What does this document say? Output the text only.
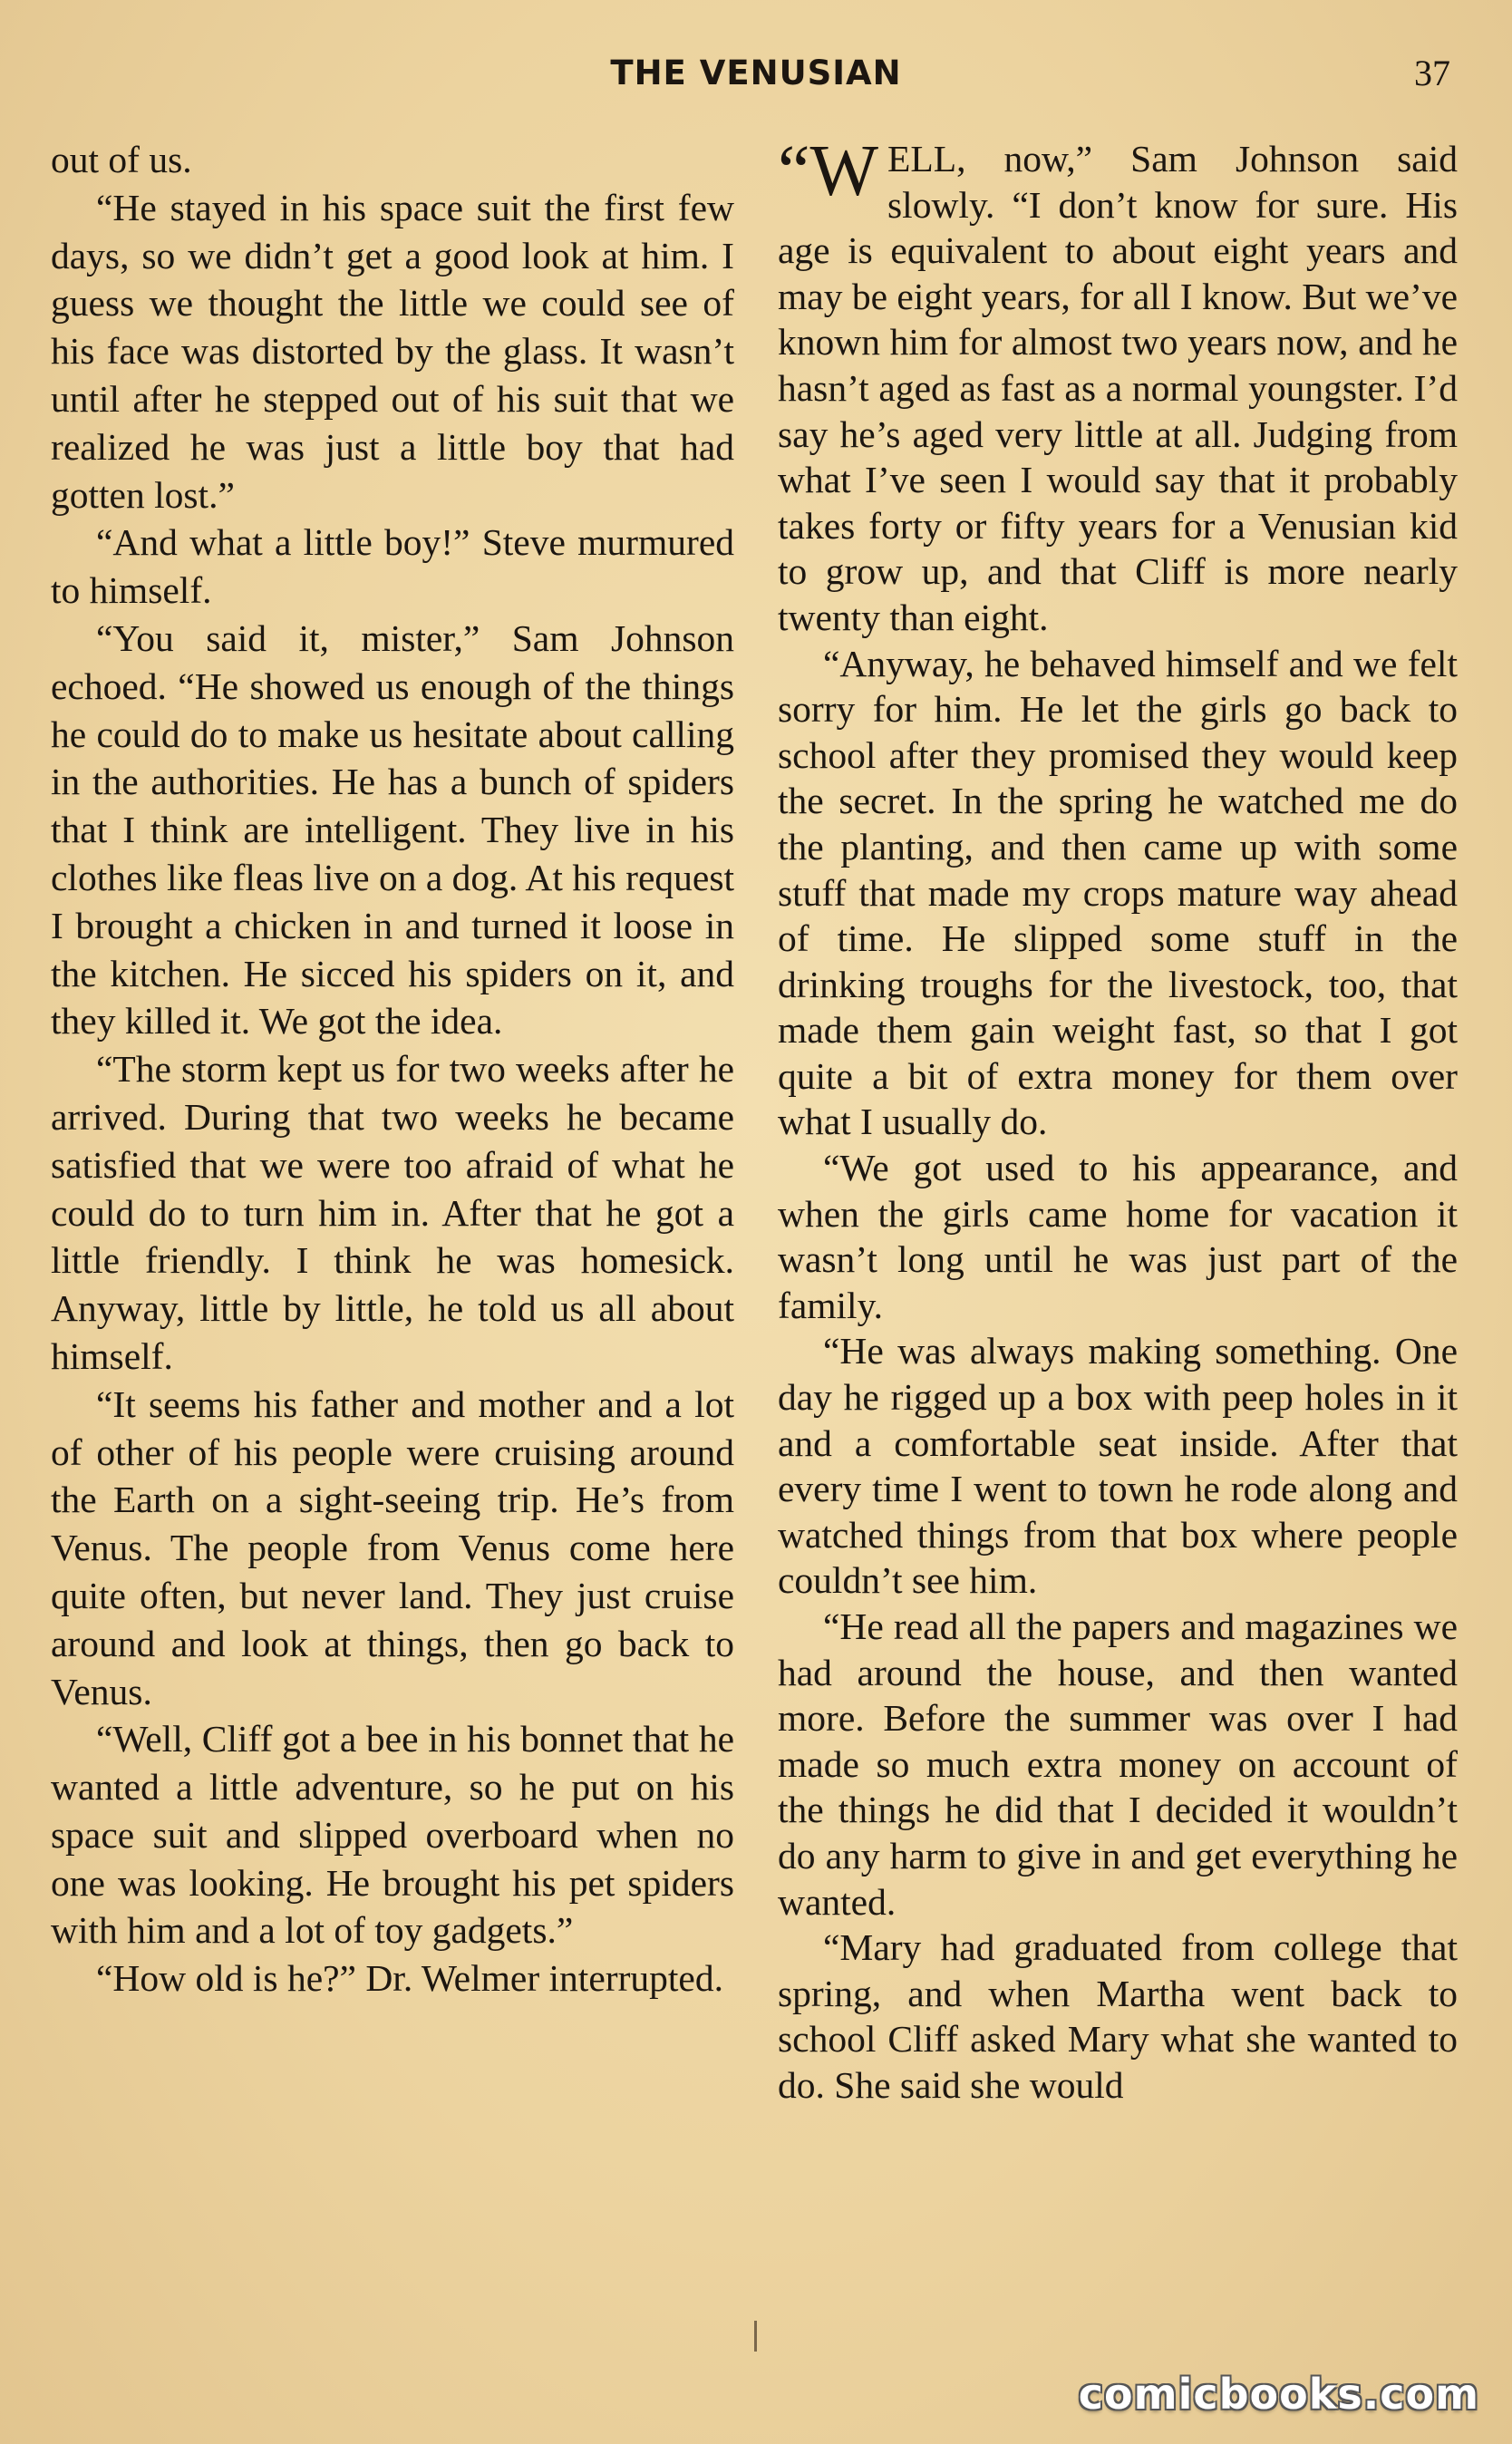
THE VENUSIAN	37

out of us.

“He stayed in his space suit the first few days, so we didn’t get a good look at him. I guess we thought the little we could see of his face was distorted by the glass. It wasn’t until after he stepped out of his suit that we realized he was just a little boy that had gotten lost.”

“And what a little boy!” Steve murmured to himself.

“You said it, mister,” Sam Johnson echoed. “He showed us enough of the things he could do to make us hesitate about calling in the authorities. He has a bunch of spiders that I think are intelligent. They live in his clothes like fleas live on a dog. At his request I brought a chicken in and turned it loose in the kitchen. He sicced his spiders on it, and they killed it. We got the idea.

“The storm kept us for two weeks after he arrived. During that two weeks he became satisfied that we were too afraid of what he could do to turn him in. After that he got a little friendly. I think he was homesick. Anyway, little by little, he told us all about himself.

“It seems his father and mother and a lot of other of his people were cruising around the Earth on a sight-seeing trip. He’s from Venus. The people from Venus come here quite often, but never land. They just cruise around and look at things, then go back to Venus.

“Well, Cliff got a bee in his bonnet that he wanted a little adventure, so he put on his space suit and slipped overboard when no one was looking. He brought his pet spiders with him and a lot of toy gadgets.”

“How old is he?” Dr. Welmer interrupted.

“W ELL, now,” Sam Johnson said slowly. “I don’t know for sure. His age is equivalent to about eight years and may be eight years, for all I know. But we’ve known him for almost two years now, and he hasn’t aged as fast as a normal youngster. I’d say he’s aged very little at all. Judging from what I’ve seen I would say that it probably takes forty or fifty years for a Venusian kid to grow up, and that Cliff is more nearly twenty than eight.

“Anyway, he behaved himself and we felt sorry for him. He let the girls go back to school after they promised they would keep the secret. In the spring he watched me do the planting, and then came up with some stuff that made my crops mature way ahead of time. He slipped some stuff in the drinking troughs for the livestock, too, that made them gain weight fast, so that I got quite a bit of extra money for them over what I usually do.

“We got used to his appearance, and when the girls came home for vacation it wasn’t long until he was just part of the family.

“He was always making something. One day he rigged up a box with peep holes in it and a comfortable seat inside. After that every time I went to town he rode along and watched things from that box where people couldn’t see him.

“He read all the papers and magazines we had around the house, and then wanted more. Before the summer was over I had made so much extra money on account of the things he did that I decided it wouldn’t do any harm to give in and get everything he wanted.

“Mary had graduated from college that spring, and when Martha went back to school Cliff asked Mary what she wanted to do. She said she would

comicbooks.com
